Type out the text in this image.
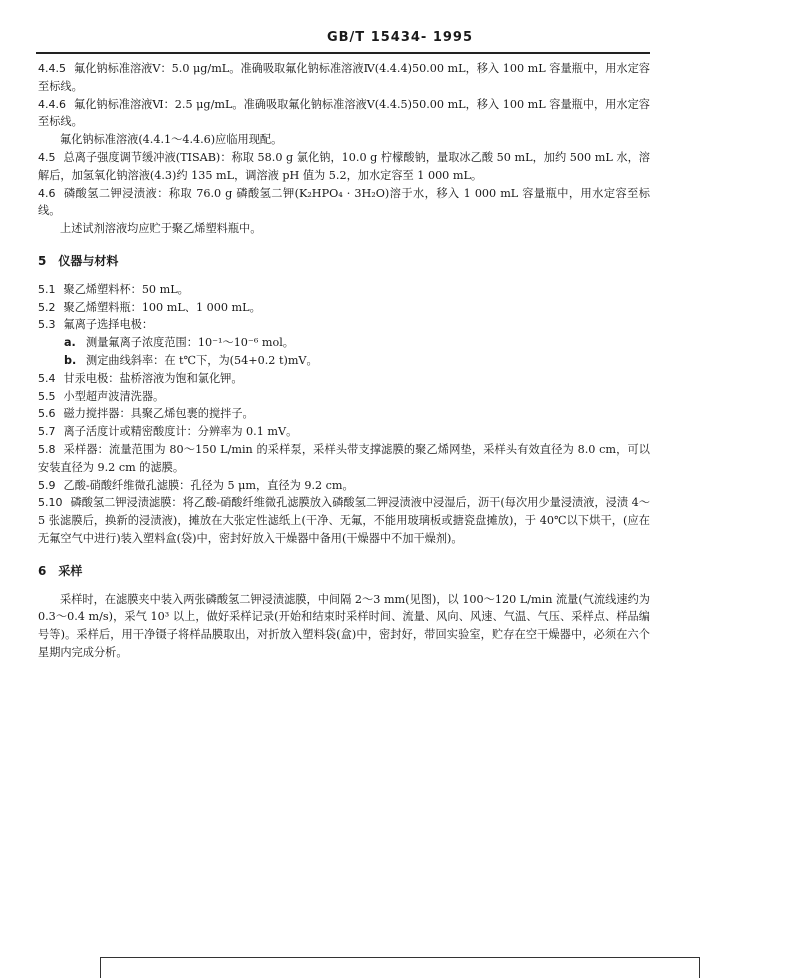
GB/T 15434- 1995

4.4.5 氟化钠标准溶液Ⅴ：5.0 μg/mL。准确吸取氟化钠标准溶液Ⅳ(4.4.4)50.00 mL，移入 100 mL 容量瓶中，用水定容至标线。

4.4.6 氟化钠标准溶液Ⅵ：2.5 μg/mL。准确吸取氟化钠标准溶液Ⅴ(4.4.5)50.00 mL，移入 100 mL 容量瓶中，用水定容至标线。

氟化钠标准溶液(4.4.1～4.4.6)应临用现配。

4.5 总离子强度调节缓冲液(TISAB)：称取 58.0 g 氯化钠，10.0 g 柠檬酸钠，量取冰乙酸 50 mL，加约 500 mL 水，溶解后，加氢氧化钠溶液(4.3)约 135 mL，调溶液 pH 值为 5.2，加水定容至 1 000 mL。

4.6 磷酸氢二钾浸渍液：称取 76.0 g 磷酸氢二钾(K₂HPO₄ · 3H₂O)溶于水，移入 1 000 mL 容量瓶中，用水定容至标线。

上述试剂溶液均应贮于聚乙烯塑料瓶中。

5 仪器与材料

5.1 聚乙烯塑料杯：50 mL。

5.2 聚乙烯塑料瓶：100 mL、1 000 mL。

5.3 氟离子选择电极：

a. 测量氟离子浓度范围：10⁻¹～10⁻⁶ mol。

b. 测定曲线斜率：在 t℃下，为(54+0.2 t)mV。

5.4 甘汞电极：盐桥溶液为饱和氯化钾。

5.5 小型超声波清洗器。

5.6 磁力搅拌器：具聚乙烯包裹的搅拌子。

5.7 离子活度计或精密酸度计：分辨率为 0.1 mV。

5.8 采样器：流量范围为 80～150 L/min 的采样泵，采样头带支撑滤膜的聚乙烯网垫，采样头有效直径为 8.0 cm，可以安装直径为 9.2 cm 的滤膜。

5.9 乙酸-硝酸纤维微孔滤膜：孔径为 5 μm，直径为 9.2 cm。

5.10 磷酸氢二钾浸渍滤膜：将乙酸-硝酸纤维微孔滤膜放入磷酸氢二钾浸渍液中浸湿后，沥干(每次用少量浸渍液，浸渍 4～5 张滤膜后，换新的浸渍液)，摊放在大张定性滤纸上(干净、无氟，不能用玻璃板或搪瓷盘摊放)，于 40℃以下烘干，(应在无氟空气中进行)装入塑料盒(袋)中，密封好放入干燥器中备用(干燥器中不加干燥剂)。

6 采样

采样时，在滤膜夹中装入两张磷酸氢二钾浸渍滤膜，中间隔 2～3 mm(见图)，以 100～120 L/min 流量(气流线速约为 0.3～0.4 m/s)，采气 10³ 以上，做好采样记录(开始和结束时采样时间、流量、风向、风速、气温、气压、采样点、样品编号等)。采样后，用干净镊子将样品膜取出，对折放入塑料袋(盒)中，密封好，带回实验室，贮存在空干燥器中，必须在六个星期内完成分析。
